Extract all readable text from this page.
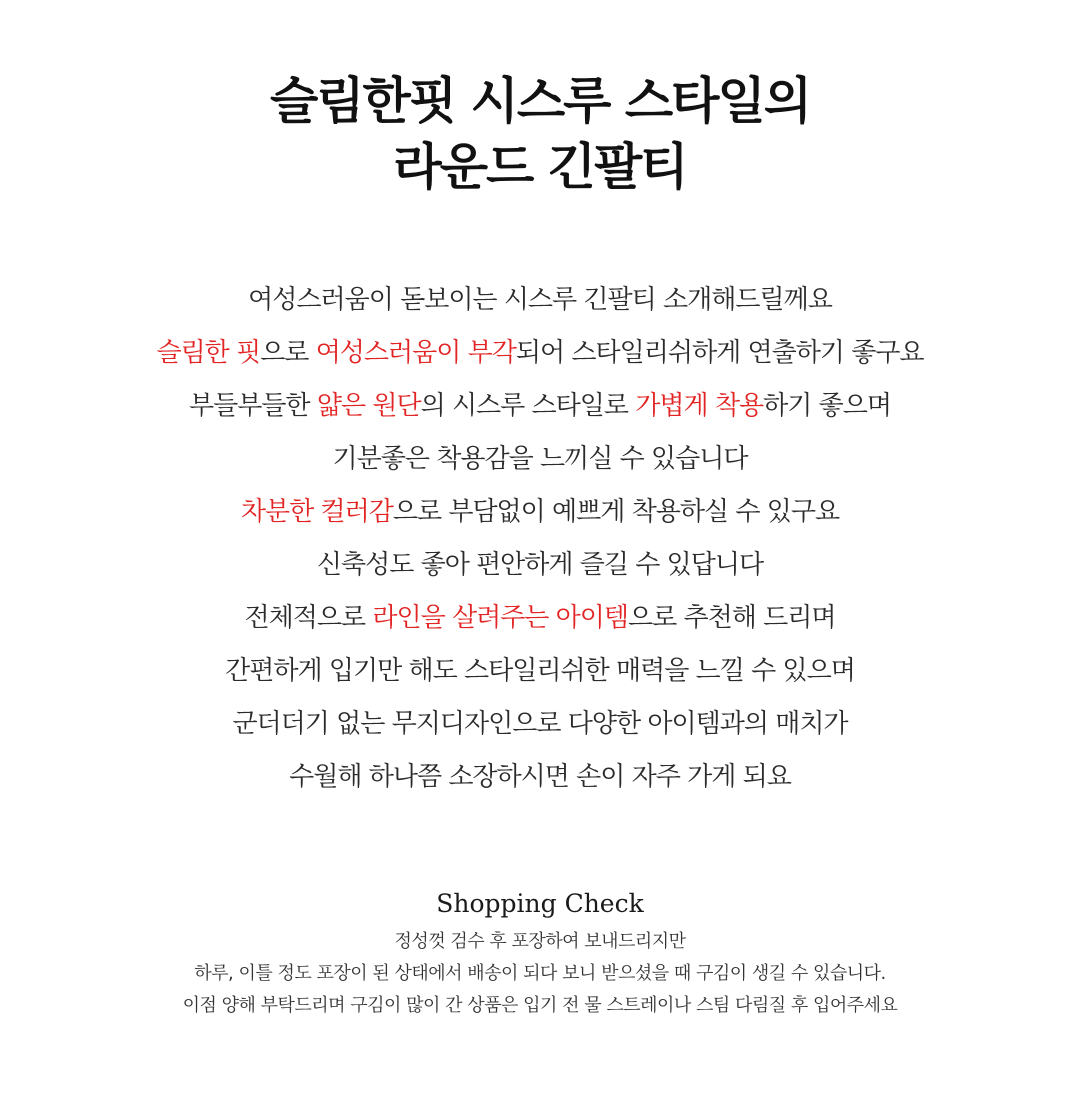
슬림한핏 시스루 스타일의
라운드 긴팔티
여성스러움이 돋보이는 시스루 긴팔티 소개해드릴께요
슬림한 핏으로 여성스러움이 부각되어 스타일리쉬하게 연출하기 좋구요
부들부들한 얇은 원단의 시스루 스타일로 가볍게 착용하기 좋으며
기분좋은 착용감을 느끼실 수 있습니다
차분한 컬러감으로 부담없이 예쁘게 착용하실 수 있구요
신축성도 좋아 편안하게 즐길 수 있답니다
전체적으로 라인을 살려주는 아이템으로 추천해 드리며
간편하게 입기만 해도 스타일리쉬한 매력을 느낄 수 있으며
군더더기 없는 무지디자인으로 다양한 아이템과의 매치가
수월해 하나쯤 소장하시면 손이 자주 가게 되요
Shopping Check
정성껏 검수 후 포장하여 보내드리지만
하루, 이틀 정도 포장이 된 상태에서 배송이 되다 보니 받으셨을 때 구김이 생길 수 있습니다.
이점 양해 부탁드리며 구김이 많이 간 상품은 입기 전 물 스트레이나 스팀 다림질 후 입어주세요
